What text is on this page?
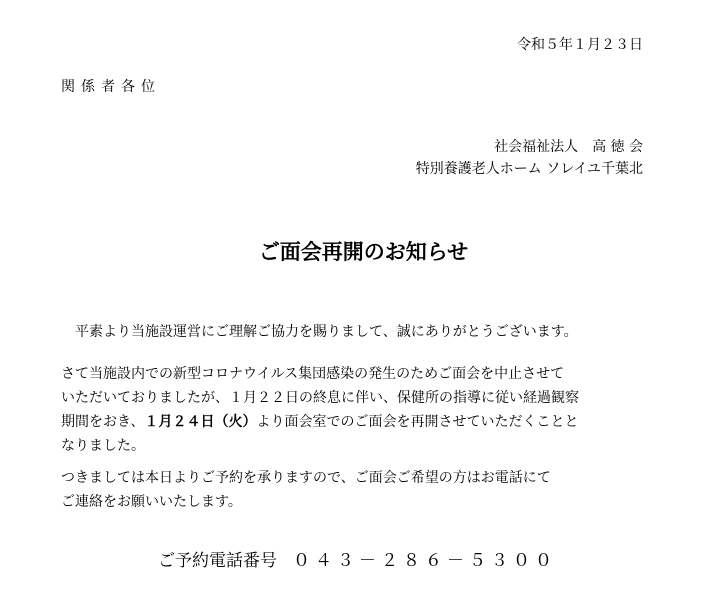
令和５年１月２３日
関係者各位
社会福祉法人　高 徳 会
特別養護老人ホーム ソレイユ千葉北
ご面会再開のお知らせ
　平素より当施設運営にご理解ご協力を賜りまして、誠にありがとうございます。
さて当施設内での新型コロナウイルス集団感染の発生のためご面会を中止させて
いただいておりましたが、１月２２日の終息に伴い、保健所の指導に従い経過観察
期間をおき、１月２４日（火）より面会室でのご面会を再開させていただくことと
なりました。
つきましては本日よりご予約を承りますので、ご面会ご希望の方はお電話にて
ご連絡をお願いいたします。
ご予約電話番号 ０４３－２８６－５３００
